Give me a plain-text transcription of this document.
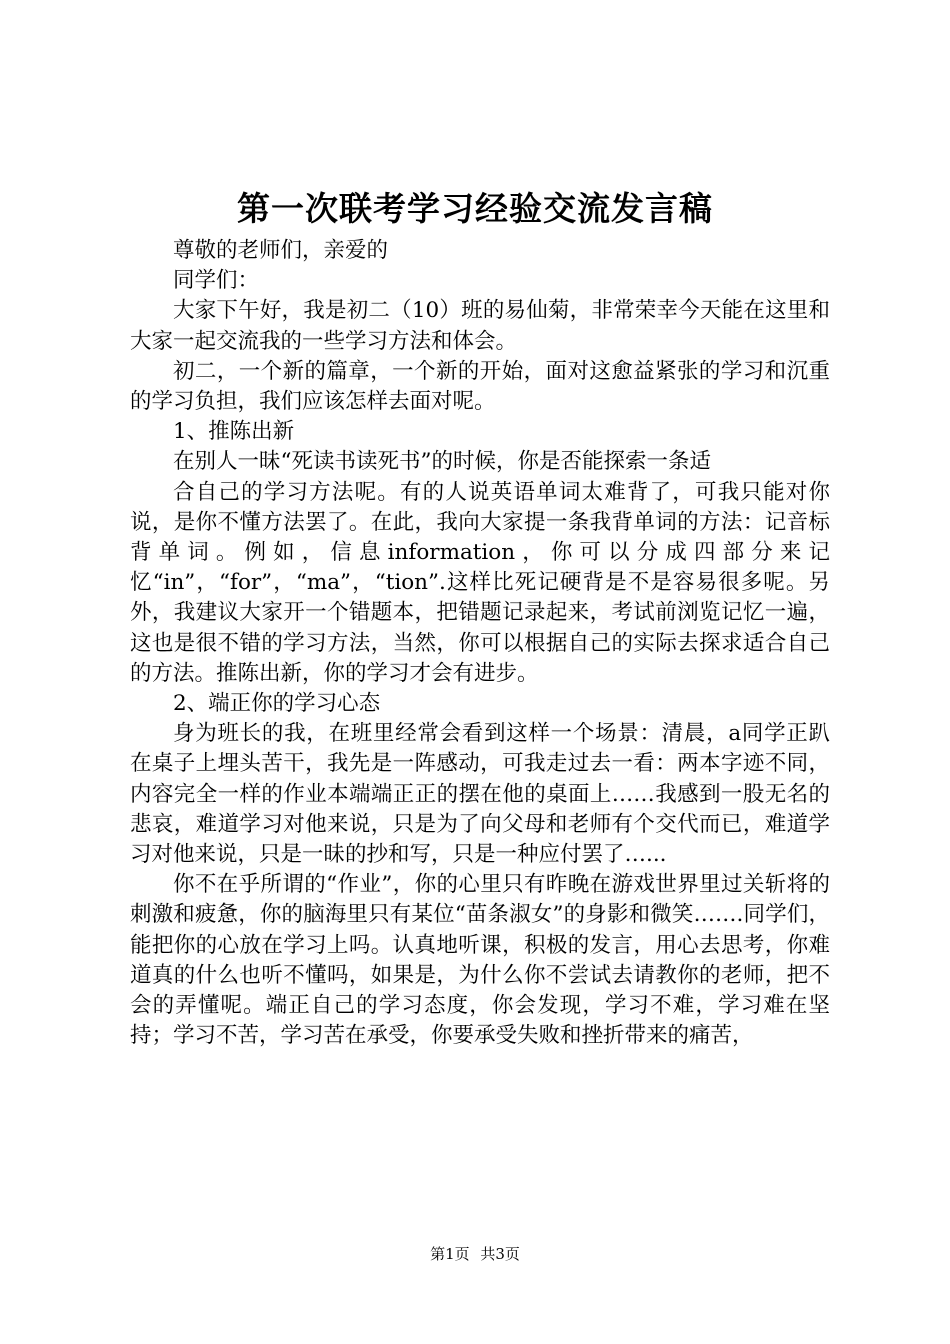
第一次联考学习经验交流发言稿

尊敬的老师们，亲爱的

同学们：

大家下午好，我是初二（10）班的易仙菊，非常荣幸今天能在这里和大家一起交流我的一些学习方法和体会。

初二，一个新的篇章，一个新的开始，面对这愈益紧张的学习和沉重的学习负担，我们应该怎样去面对呢。

1、推陈出新

在别人一昧“死读书读死书”的时候，你是否能探索一条适

合自己的学习方法呢。有的人说英语单词太难背了，可我只能对你说，是你不懂方法罢了。在此，我向大家提一条我背单词的方法：记音标背单词。例如，信息information，你可以分成四部分来记忆“in”，“for”，“ma”，“tion”.这样比死记硬背是不是容易很多呢。另外，我建议大家开一个错题本，把错题记录起来，考试前浏览记忆一遍，这也是很不错的学习方法，当然，你可以根据自己的实际去探求适合自己的方法。推陈出新，你的学习才会有进步。

2、端正你的学习心态

身为班长的我，在班里经常会看到这样一个场景：清晨，a同学正趴在桌子上埋头苦干，我先是一阵感动，可我走过去一看：两本字迹不同，内容完全一样的作业本端端正正的摆在他的桌面上……我感到一股无名的悲哀，难道学习对他来说，只是为了向父母和老师有个交代而已，难道学习对他来说，只是一昧的抄和写，只是一种应付罢了…...

你不在乎所谓的“作业”，你的心里只有昨晚在游戏世界里过关斩将的刺激和疲惫，你的脑海里只有某位“苗条淑女”的身影和微笑…….同学们，能把你的心放在学习上吗。认真地听课，积极的发言，用心去思考，你难道真的什么也听不懂吗，如果是，为什么你不尝试去请教你的老师，把不会的弄懂呢。端正自己的学习态度，你会发现，学习不难，学习难在坚持；学习不苦，学习苦在承受，你要承受失败和挫折带来的痛苦，

第1页 共3页
